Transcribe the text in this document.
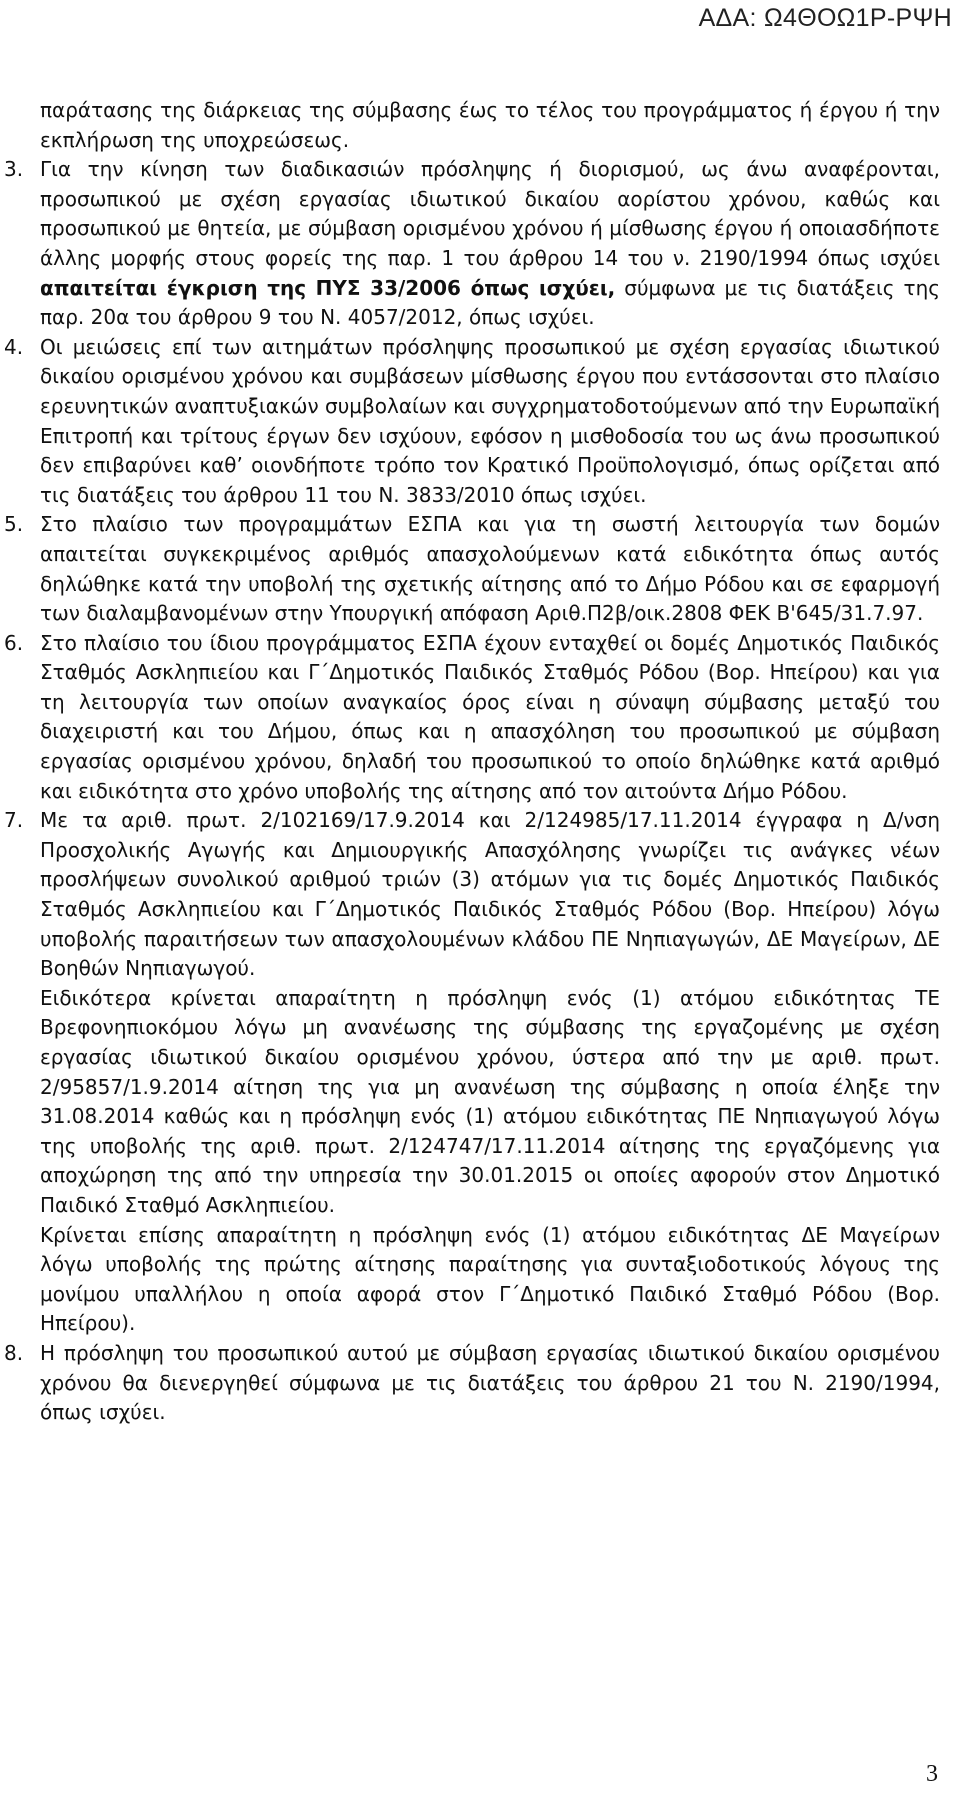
ΑΔΑ: Ω4ΘΟΩ1Ρ-ΡΨΗ

παράτασης της διάρκειας της σύμβασης έως το τέλος του προγράμματος ή έργου ή την εκπλήρωση της υποχρεώσεως.

3. Για την κίνηση των διαδικασιών πρόσληψης ή διορισμού, ως άνω αναφέρονται, προσωπικού με σχέση εργασίας ιδιωτικού δικαίου αορίστου χρόνου, καθώς και προσωπικού με θητεία, με σύμβαση ορισμένου χρόνου ή μίσθωσης έργου ή οποιασδήποτε άλλης μορφής στους φορείς της παρ. 1 του άρθρου 14 του ν. 2190/1994 όπως ισχύει απαιτείται έγκριση της ΠΥΣ 33/2006 όπως ισχύει, σύμφωνα με τις διατάξεις της παρ. 20α του άρθρου 9 του Ν. 4057/2012, όπως ισχύει.

4. Οι μειώσεις επί των αιτημάτων πρόσληψης προσωπικού με σχέση εργασίας ιδιωτικού δικαίου ορισμένου χρόνου και συμβάσεων μίσθωσης έργου που εντάσσονται στο πλαίσιο ερευνητικών αναπτυξιακών συμβολαίων και συγχρηματοδοτούμενων από την Ευρωπαϊκή Επιτροπή και τρίτους έργων δεν ισχύουν, εφόσον η μισθοδοσία του ως άνω προσωπικού δεν επιβαρύνει καθ’ οιονδήποτε τρόπο τον Κρατικό Προϋπολογισμό, όπως ορίζεται από τις διατάξεις του άρθρου 11 του Ν. 3833/2010 όπως ισχύει.

5. Στο πλαίσιο των προγραμμάτων ΕΣΠΑ και για τη σωστή λειτουργία των δομών απαιτείται συγκεκριμένος αριθμός απασχολούμενων κατά ειδικότητα όπως αυτός δηλώθηκε κατά την υποβολή της σχετικής αίτησης από το Δήμο Ρόδου και σε εφαρμογή των διαλαμβανομένων στην Υπουργική απόφαση Αριθ.Π2β/οικ.2808 ΦΕΚ Β'645/31.7.97.

6. Στο πλαίσιο του ίδιου προγράμματος ΕΣΠΑ έχουν ενταχθεί οι δομές Δημοτικός Παιδικός Σταθμός Ασκληπιείου και Γ΄Δημοτικός Παιδικός Σταθμός Ρόδου (Βορ. Ηπείρου) και για τη λειτουργία των οποίων αναγκαίος όρος είναι η σύναψη σύμβασης μεταξύ του διαχειριστή και του Δήμου, όπως και η απασχόληση του προσωπικού με σύμβαση εργασίας ορισμένου χρόνου, δηλαδή του προσωπικού το οποίο δηλώθηκε κατά αριθμό και ειδικότητα στο χρόνο υποβολής της αίτησης από τον αιτούντα Δήμο Ρόδου.

7. Με τα αριθ. πρωτ. 2/102169/17.9.2014 και 2/124985/17.11.2014 έγγραφα η Δ/νση Προσχολικής Αγωγής και Δημιουργικής Απασχόλησης γνωρίζει τις ανάγκες νέων προσλήψεων συνολικού αριθμού τριών (3) ατόμων για τις δομές Δημοτικός Παιδικός Σταθμός Ασκληπιείου και Γ΄Δημοτικός Παιδικός Σταθμός Ρόδου (Βορ. Ηπείρου) λόγω υποβολής παραιτήσεων των απασχολουμένων κλάδου ΠΕ Νηπιαγωγών, ΔΕ Μαγείρων, ΔΕ Βοηθών Νηπιαγωγού.

Ειδικότερα κρίνεται απαραίτητη η πρόσληψη ενός (1) ατόμου ειδικότητας ΤΕ Βρεφονηπιοκόμου λόγω μη ανανέωσης της σύμβασης της εργαζομένης με σχέση εργασίας ιδιωτικού δικαίου ορισμένου χρόνου, ύστερα από την με αριθ. πρωτ. 2/95857/1.9.2014 αίτηση της για μη ανανέωση της σύμβασης η οποία έληξε την 31.08.2014 καθώς και η πρόσληψη ενός (1) ατόμου ειδικότητας ΠΕ Νηπιαγωγού λόγω της υποβολής της αριθ. πρωτ. 2/124747/17.11.2014 αίτησης της εργαζόμενης για αποχώρηση της από την υπηρεσία την 30.01.2015 οι οποίες αφορούν στον Δημοτικό Παιδικό Σταθμό Ασκληπιείου.

Κρίνεται επίσης απαραίτητη η πρόσληψη ενός (1) ατόμου ειδικότητας ΔΕ Μαγείρων λόγω υποβολής της πρώτης αίτησης παραίτησης για συνταξιοδοτικούς λόγους της μονίμου υπαλλήλου η οποία αφορά στον Γ΄Δημοτικό Παιδικό Σταθμό Ρόδου (Βορ. Ηπείρου).

8. Η πρόσληψη του προσωπικού αυτού με σύμβαση εργασίας ιδιωτικού δικαίου ορισμένου χρόνου θα διενεργηθεί σύμφωνα με τις διατάξεις του άρθρου 21 του Ν. 2190/1994, όπως ισχύει.

3
